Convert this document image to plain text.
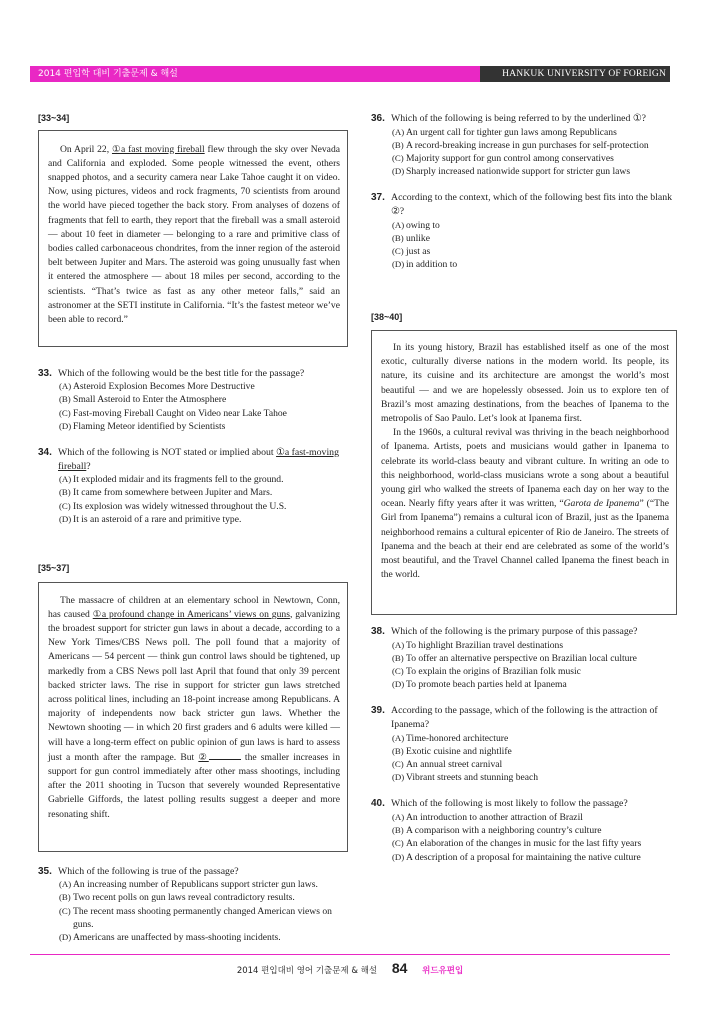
2014 편입학 대비 기출문제 & 해설	HANKUK UNIVERSITY OF FOREIGN STUDIES

[33~34]

On April 22, ①a fast moving fireball flew through the sky over Nevada and California and exploded. Some people witnessed the event, others snapped photos, and a security camera near Lake Tahoe caught it on video. Now, using pictures, videos and rock fragments, 70 scientists from around the world have pieced together the back story. From analyses of dozens of fragments that fell to earth, they report that the fireball was a small asteroid — about 10 feet in diameter — belonging to a rare and primitive class of bodies called carbonaceous chondrites, from the inner region of the asteroid belt between Jupiter and Mars. The asteroid was going unusually fast when it entered the atmosphere — about 18 miles per second, according to the scientists. “That’s twice as fast as any other meteor falls,” said an astronomer at the SETI institute in California. “It’s the fastest meteor we’ve been able to record.”

33. Which of the following would be the best title for the passage?
(A) Asteroid Explosion Becomes More Destructive
(B) Small Asteroid to Enter the Atmosphere
(C) Fast-moving Fireball Caught on Video near Lake Tahoe
(D) Flaming Meteor identified by Scientists
34. Which of the following is NOT stated or implied about ①a fast-moving fireball?
(A) It exploded midair and its fragments fell to the ground.
(B) It came from somewhere between Jupiter and Mars.
(C) Its explosion was widely witnessed throughout the U.S.
(D) It is an asteroid of a rare and primitive type.

[35~37]

The massacre of children at an elementary school in Newtown, Conn, has caused ①a profound change in Americans’ views on guns, galvanizing the broadest support for stricter gun laws in about a decade, according to a New York Times/CBS News poll. The poll found that a majority of Americans — 54 percent — think gun control laws should be tightened, up markedly from a CBS News poll last April that found that only 39 percent backed stricter laws. The rise in support for stricter gun laws stretched across political lines, including an 18-point increase among Republicans. A majority of independents now back stricter gun laws. Whether the Newtown shooting — in which 20 first graders and 6 adults were killed — will have a long-term effect on public opinion of gun laws is hard to assess just a month after the rampage. But ②	the smaller increases in support for gun control immediately after other mass shootings, including after the 2011 shooting in Tucson that severely wounded Representative Gabrielle Giffords, the latest polling results suggest a deeper and more resonating shift.

35. Which of the following is true of the passage?
(A) An increasing number of Republicans support stricter gun laws.
(B) Two recent polls on gun laws reveal contradictory results.
(C) The recent mass shooting permanently changed American views on guns.
(D) Americans are unaffected by mass-shooting incidents.
36. Which of the following is being referred to by the underlined ①?
(A) An urgent call for tighter gun laws among Republicans
(B) A record-breaking increase in gun purchases for self-protection
(C) Majority support for gun control among conservatives
(D) Sharply increased nationwide support for stricter gun laws
37. According to the context, which of the following best fits into the blank ②?
(A) owing to
(B) unlike
(C) just as
(D) in addition to

[38~40]

In its young history, Brazil has established itself as one of the most exotic, culturally diverse nations in the modern world. Its people, its nature, its cuisine and its architecture are amongst the world’s most beautiful — and we are hopelessly obsessed. Join us to explore ten of Brazil’s most amazing destinations, from the beaches of Ipanema to the metropolis of Sao Paulo. Let’s look at Ipanema first.

In the 1960s, a cultural revival was thriving in the beach neighborhood of Ipanema. Artists, poets and musicians would gather in Ipanema to celebrate its world-class beauty and vibrant culture. In writing an ode to this neighborhood, world-class musicians wrote a song about a beautiful young girl who walked the streets of Ipanema each day on her way to the ocean. Nearly fifty years after it was written, “Garota de Ipanema” (“The Girl from Ipanema”) remains a cultural icon of Brazil, just as the Ipanema neighborhood remains a cultural epicenter of Rio de Janeiro. The streets of Ipanema and the beach at their end are celebrated as some of the world’s most beautiful, and the Travel Channel called Ipanema the finest beach in the world.

38. Which of the following is the primary purpose of this passage?
(A) To highlight Brazilian travel destinations
(B) To offer an alternative perspective on Brazilian local culture
(C) To explain the origins of Brazilian folk music
(D) To promote beach parties held at Ipanema
39. According to the passage, which of the following is the attraction of Ipanema?
(A) Time-honored architecture
(B) Exotic cuisine and nightlife
(C) An annual street carnival
(D) Vibrant streets and stunning beach
40. Which of the following is most likely to follow the passage?
(A) An introduction to another attraction of Brazil
(B) A comparison with a neighboring country’s culture
(C) An elaboration of the changes in music for the last fifty years
(D) A description of a proposal for maintaining the native culture
2014 편입대비 영어 기출문제 & 해설 84 위드유편입
